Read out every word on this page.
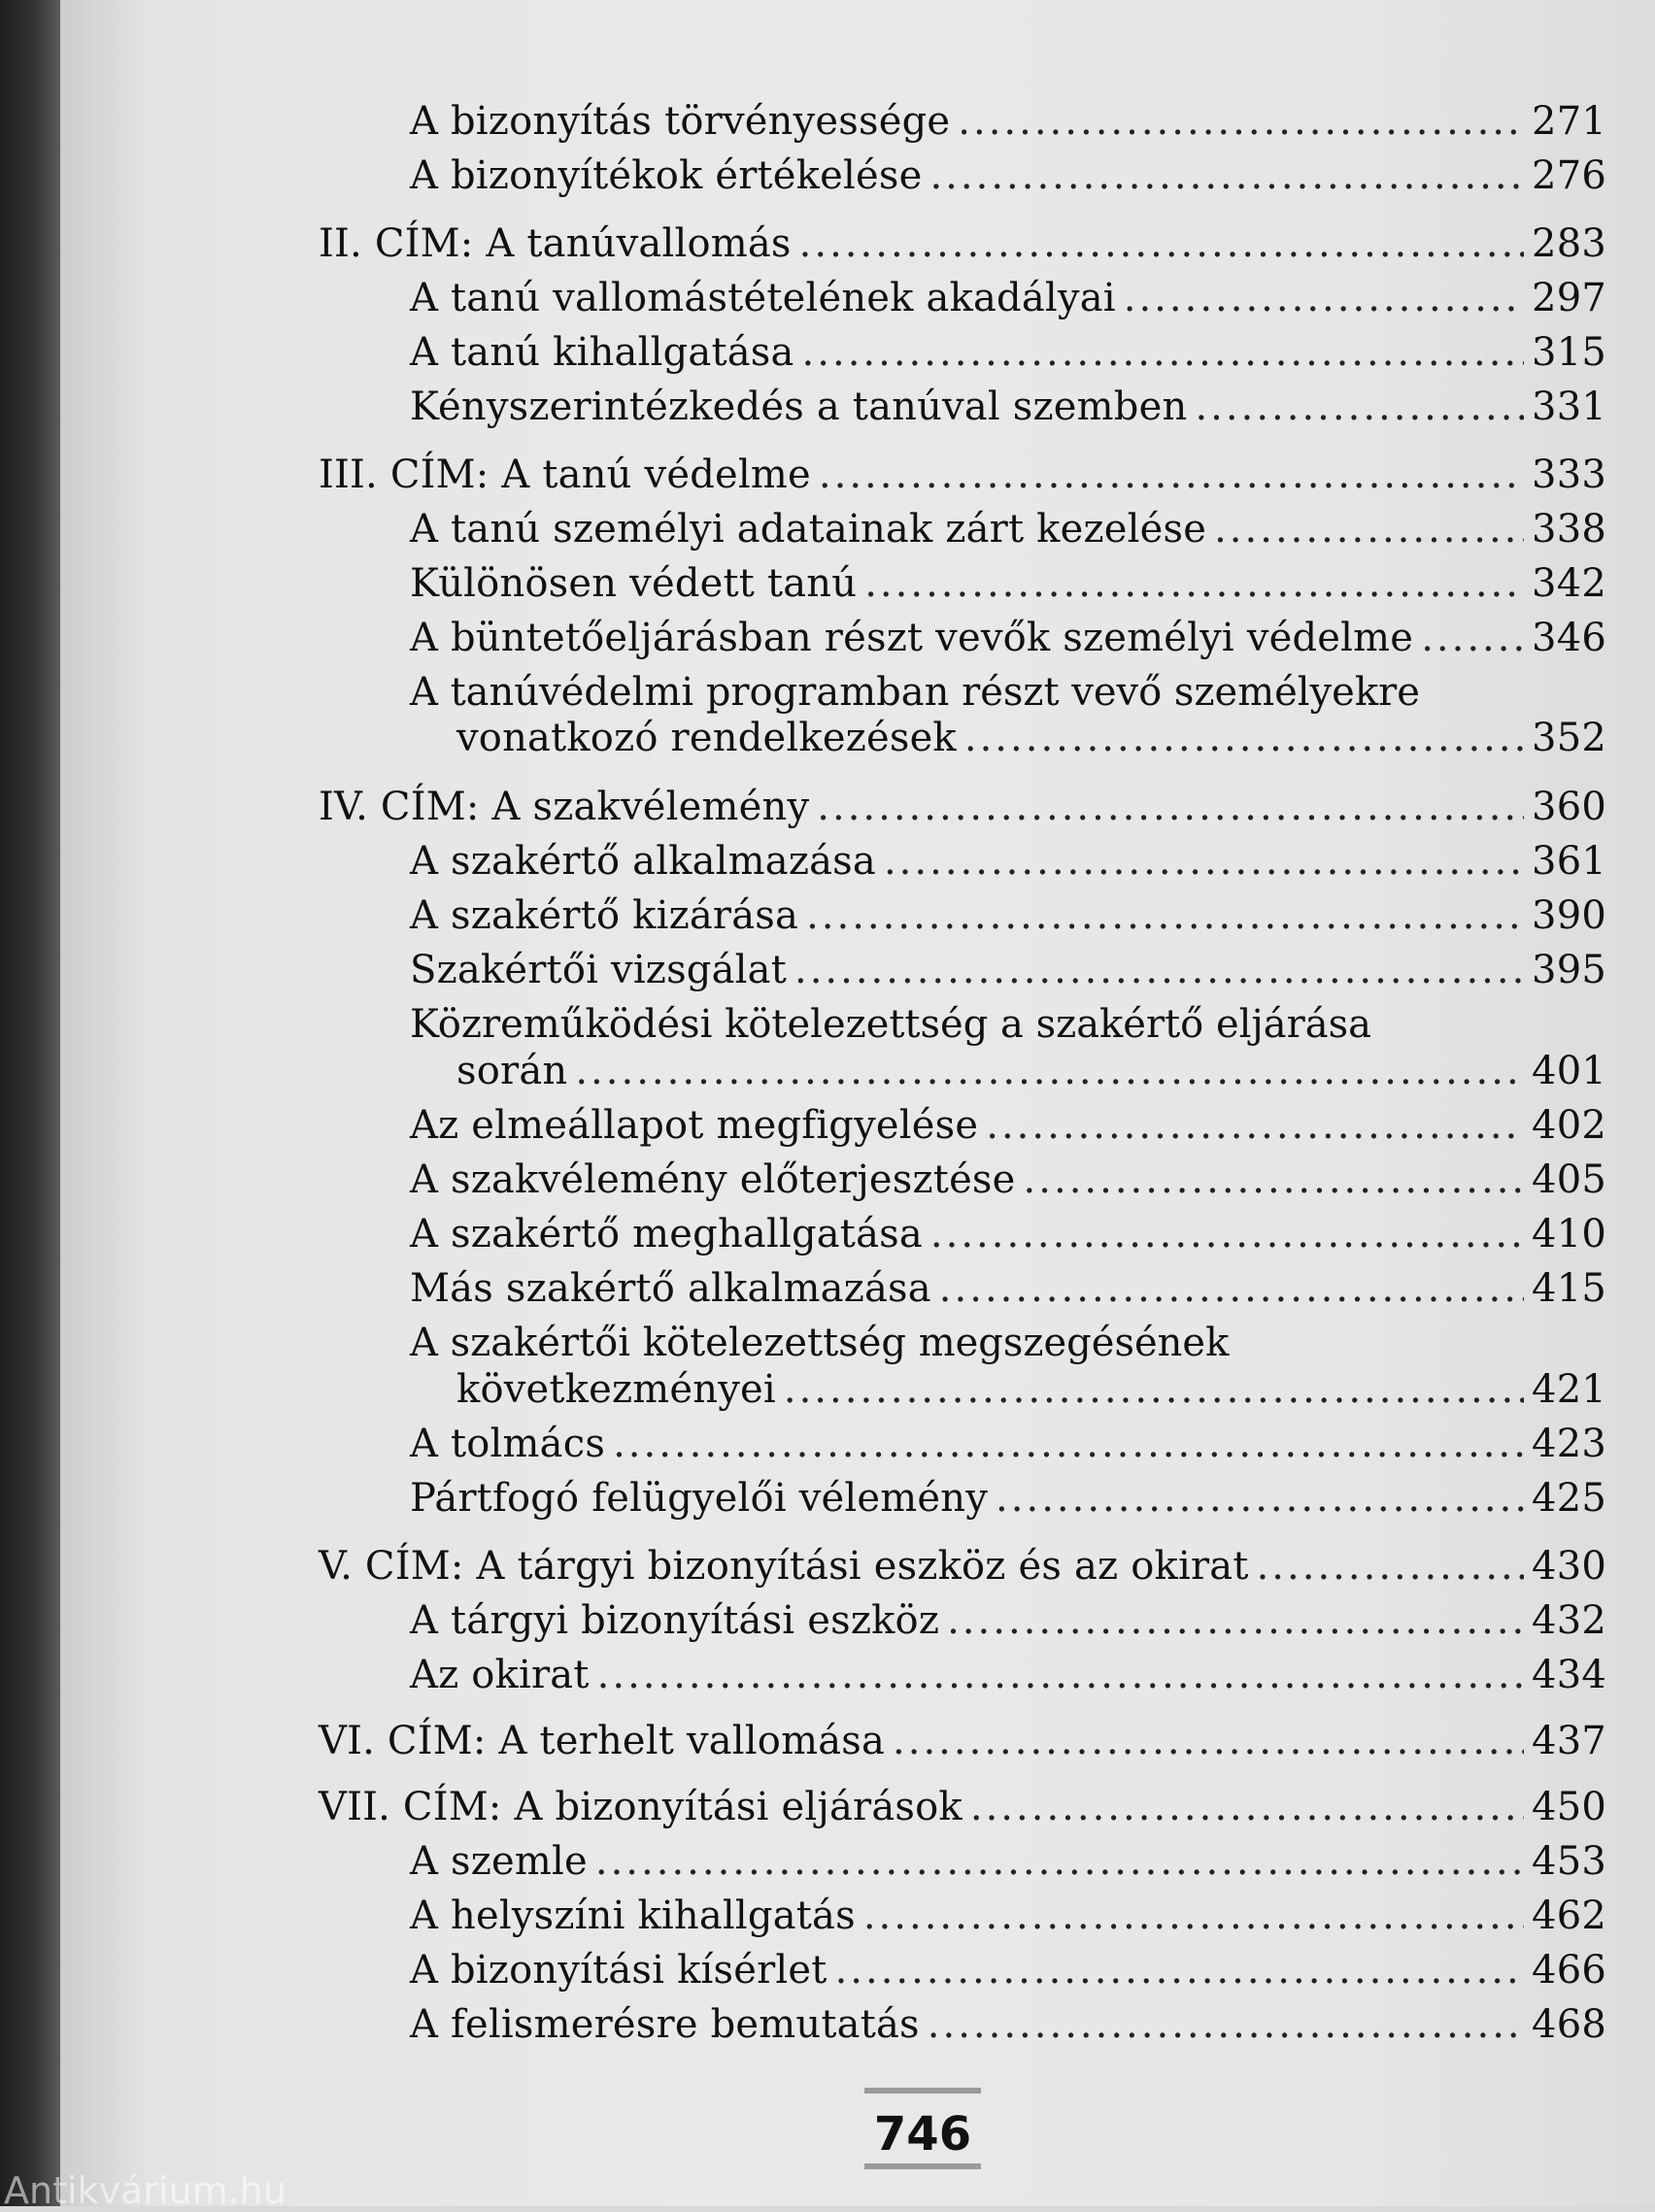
A bizonyítás törvényessége .....	271
A bizonyítékok értékelése .....	276
II. CÍM: A tanúvallomás .....	283
A tanú vallomástételének akadályai .....	297
A tanú kihallgatása .....	315
Kényszerintézkedés a tanúval szemben .....	331
III. CÍM: A tanú védelme .....	333
A tanú személyi adatainak zárt kezelése .....	338
Különösen védett tanú .....	342
A büntetőeljárásban részt vevők személyi védelme .....	346
A tanúvédelmi programban részt vevő személyekre
vonatkozó rendelkezések .....	352
IV. CÍM: A szakvélemény .....	360
A szakértő alkalmazása .....	361
A szakértő kizárása .....	390
Szakértői vizsgálat .....	395
Közreműködési kötelezettség a szakértő eljárása
során .....	401
Az elmeállapot megfigyelése .....	402
A szakvélemény előterjesztése .....	405
A szakértő meghallgatása .....	410
Más szakértő alkalmazása .....	415
A szakértői kötelezettség megszegésének
következményei .....	421
A tolmács .....	423
Pártfogó felügyelői vélemény .....	425
V. CÍM: A tárgyi bizonyítási eszköz és az okirat .....	430
A tárgyi bizonyítási eszköz .....	432
Az okirat .....	434
VI. CÍM: A terhelt vallomása .....	437
VII. CÍM: A bizonyítási eljárások .....	450
A szemle .....	453
A helyszíni kihallgatás .....	462
A bizonyítási kísérlet .....	466
A felismerésre bemutatás .....	468
746
Antikvárium.hu
